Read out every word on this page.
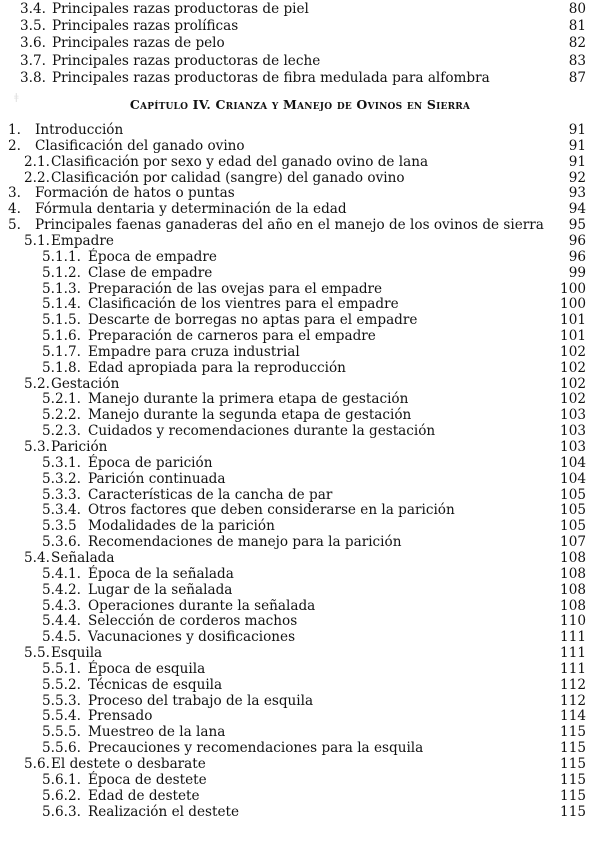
ǂ
3.4. Principales razas productoras de piel	80
3.5. Principales razas prolíficas	81
3.6. Principales razas de pelo	82
3.7. Principales razas productoras de leche	83
3.8. Principales razas productoras de fibra medulada para alfombra	87
Capítulo IV. Crianza y Manejo de Ovinos en Sierra
1. Introducción	91
2. Clasificación del ganado ovino	91
2.1. Clasificación por sexo y edad del ganado ovino de lana	91
2.2. Clasificación por calidad (sangre) del ganado ovino	92
3. Formación de hatos o puntas	93
4. Fórmula dentaria y determinación de la edad	94
5. Principales faenas ganaderas del año en el manejo de los ovinos de sierra 95
5.1. Empadre	96
5.1.1. Época de empadre	96
5.1.2. Clase de empadre	99
5.1.3. Preparación de las ovejas para el empadre	100
5.1.4. Clasificación de los vientres para el empadre	100
5.1.5. Descarte de borregas no aptas para el empadre	101
5.1.6. Preparación de carneros para el empadre	101
5.1.7. Empadre para cruza industrial	102
5.1.8. Edad apropiada para la reproducción	102
5.2. Gestación	102
5.2.1. Manejo durante la primera etapa de gestación	102
5.2.2. Manejo durante la segunda etapa de gestación	103
5.2.3. Cuidados y recomendaciones durante la gestación	103
5.3. Parición	103
5.3.1. Época de parición	104
5.3.2. Parición continuada	104
5.3.3. Características de la cancha de par	105
5.3.4. Otros factores que deben considerarse en la parición	105
5.3.5 Modalidades de la parición	105
5.3.6. Recomendaciones de manejo para la parición	107
5.4. Señalada	108
5.4.1. Época de la señalada	108
5.4.2. Lugar de la señalada	108
5.4.3. Operaciones durante la señalada	108
5.4.4. Selección de corderos machos	110
5.4.5. Vacunaciones y dosificaciones	111
5.5. Esquila	111
5.5.1. Época de esquila	111
5.5.2. Técnicas de esquila	112
5.5.3. Proceso del trabajo de la esquila	112
5.5.4. Prensado	114
5.5.5. Muestreo de la lana	115
5.5.6. Precauciones y recomendaciones para la esquila	115
5.6. El destete o desbarate	115
5.6.1. Época de destete	115
5.6.2. Edad de destete	115
5.6.3. Realización el destete	115
